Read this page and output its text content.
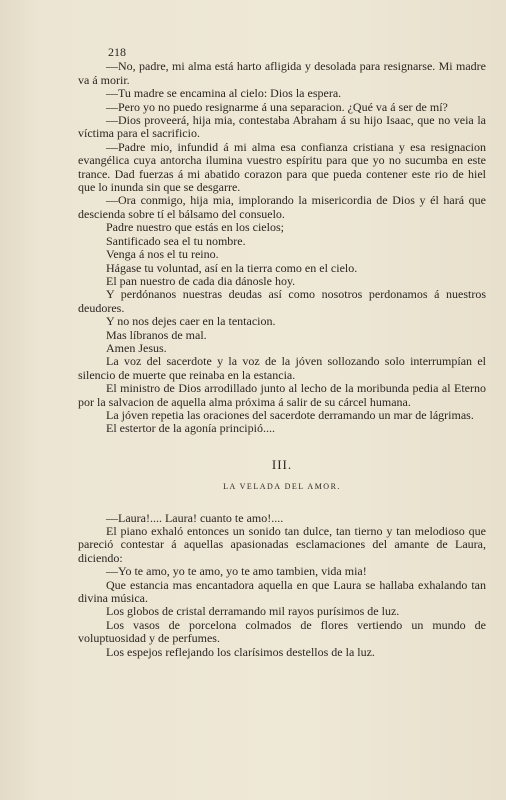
218

—No, padre, mi alma está harto afligida y desolada para resignarse. Mi madre va á morir.

—Tu madre se encamina al cielo: Dios la espera.

—Pero yo no puedo resignarme á una separacion. ¿Qué va á ser de mí?

—Dios proveerá, hija mia, contestaba Abraham á su hijo Isaac, que no veia la víctima para el sacrificio.

—Padre mio, infundid á mi alma esa confianza cristiana y esa resignacion evangélica cuya antorcha ilumina vuestro espíritu para que yo no sucumba en este trance. Dad fuerzas á mi abatido corazon para que pueda contener este rio de hiel que lo inunda sin que se desgarre.

—Ora conmigo, hija mia, implorando la misericordia de Dios y él hará que descienda sobre tí el bálsamo del consuelo.

Padre nuestro que estás en los cielos;

Santificado sea el tu nombre.

Venga á nos el tu reino.

Hágase tu voluntad, así en la tierra como en el cielo.

El pan nuestro de cada dia dánosle hoy.

Y perdónanos nuestras deudas así como nosotros perdonamos á nuestros deudores.

Y no nos dejes caer en la tentacion.

Mas líbranos de mal.

Amen Jesus.

La voz del sacerdote y la voz de la jóven sollozando solo interrumpían el silencio de muerte que reinaba en la estancia.

El ministro de Dios arrodillado junto al lecho de la moribunda pedia al Eterno por la salvacion de aquella alma próxima á salir de su cárcel humana.

La jóven repetia las oraciones del sacerdote derramando un mar de lágrimas.

El estertor de la agonía principió....

III.

LA VELADA DEL AMOR.

—Laura!.... Laura! cuanto te amo!....

El piano exhaló entonces un sonido tan dulce, tan tierno y tan melodioso que pareció contestar á aquellas apasionadas esclamaciones del amante de Laura, diciendo:

—Yo te amo, yo te amo, yo te amo tambien, vida mia!

Que estancia mas encantadora aquella en que Laura se hallaba exhalando tan divina música.

Los globos de cristal derramando mil rayos purísimos de luz.

Los vasos de porcelona colmados de flores vertiendo un mundo de voluptuosidad y de perfumes.

Los espejos reflejando los clarísimos destellos de la luz.
